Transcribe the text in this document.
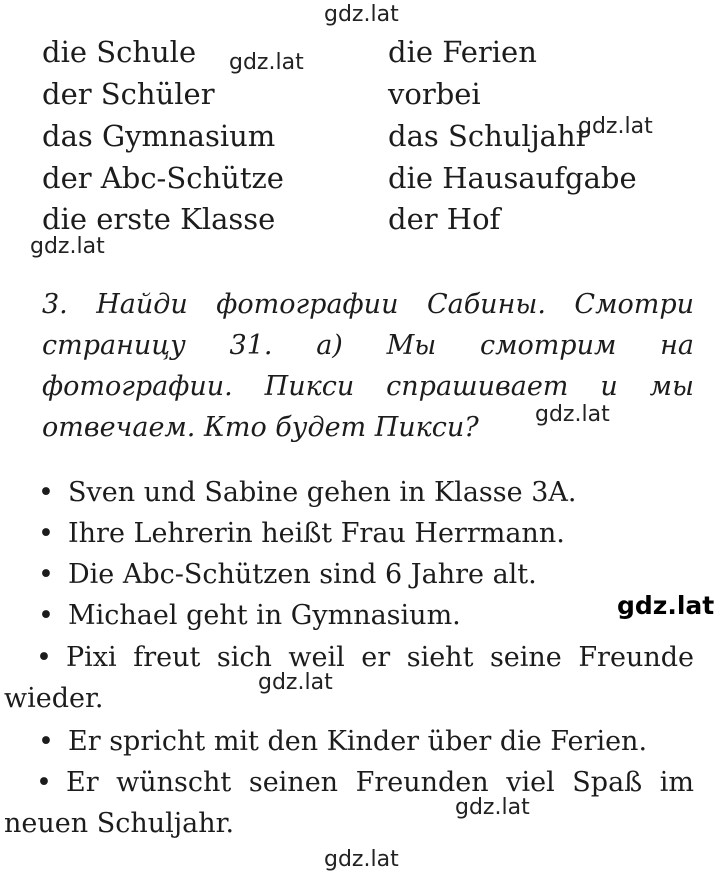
die Schule
der Schüler
das Gymnasium
der Abc-Schütze
die erste Klasse
die Ferien
vorbei
das Schuljahr
die Hausaufgabe
der Hof
3. Найди фотографии Сабины. Смотри страницу 31. a) Мы смотрим на фотографии. Пикси спрашивает и мы отвечаем. Кто будет Пикси?
• Sven und Sabine gehen in Klasse 3A.
• Ihre Lehrerin heißt Frau Herrmann.
• Die Abc-Schützen sind 6 Jahre alt.
• Michael geht in Gymnasium.
• Pixi freut sich weil er sieht seine Freunde wieder.
• Er spricht mit den Kinder über die Ferien.
• Er wünscht seinen Freunden viel Spaß im neuen Schuljahr.
gdz.lat
gdz.lat
gdz.lat
gdz.lat
gdz.lat
gdz.lat
gdz.lat
gdz.lat
gdz.lat
